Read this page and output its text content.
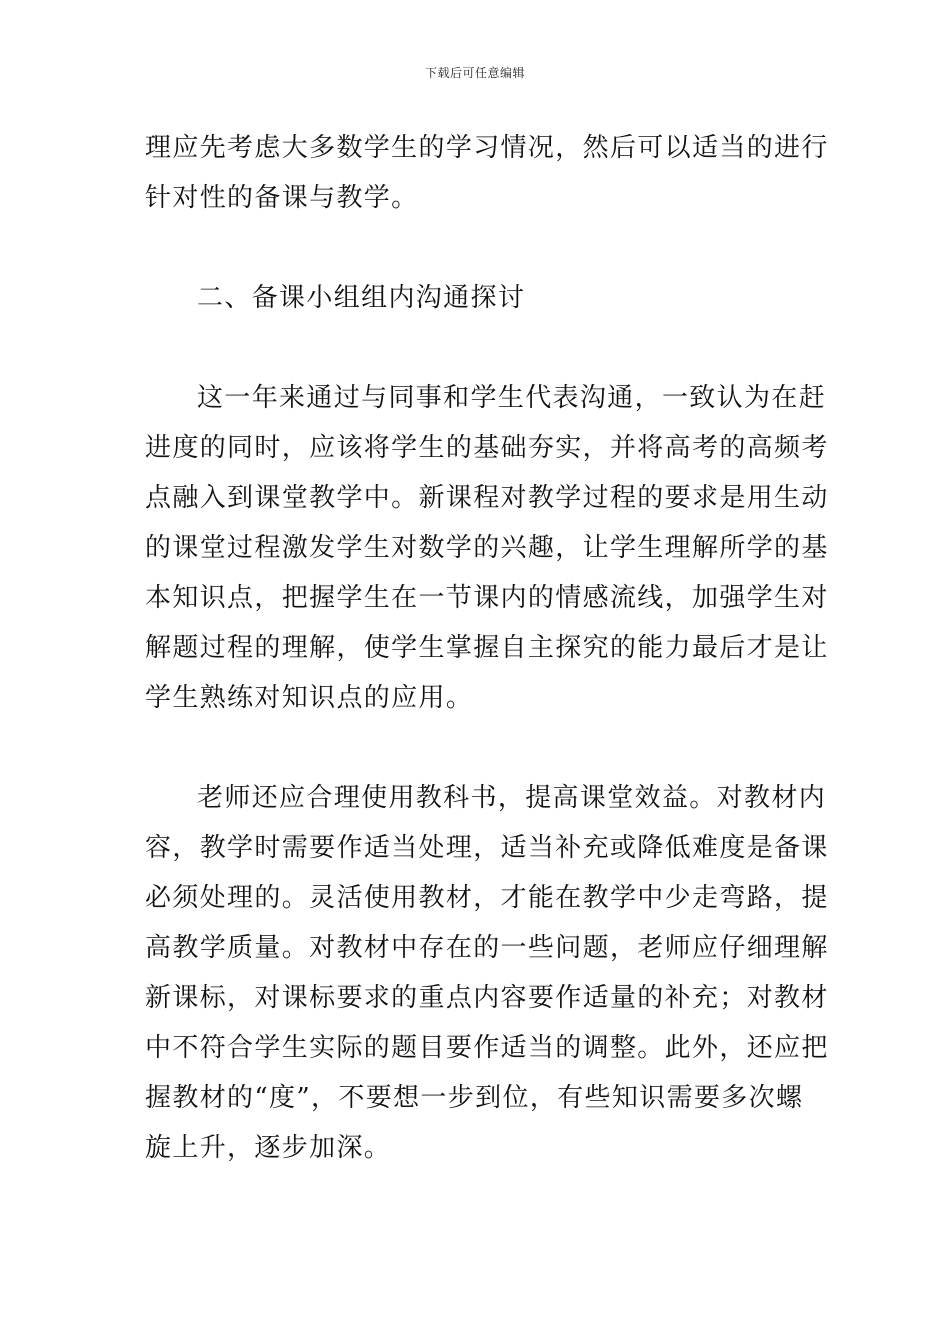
下载后可任意编辑
理应先考虑大多数学生的学习情况，然后可以适当的进行
针对性的备课与教学。
二、备课小组组内沟通探讨
这一年来通过与同事和学生代表沟通，一致认为在赶
进度的同时，应该将学生的基础夯实，并将高考的高频考
点融入到课堂教学中。新课程对教学过程的要求是用生动
的课堂过程激发学生对数学的兴趣，让学生理解所学的基
本知识点，把握学生在一节课内的情感流线，加强学生对
解题过程的理解，使学生掌握自主探究的能力最后才是让
学生熟练对知识点的应用。
老师还应合理使用教科书，提高课堂效益。对教材内
容，教学时需要作适当处理，适当补充或降低难度是备课
必须处理的。灵活使用教材，才能在教学中少走弯路，提
高教学质量。对教材中存在的一些问题，老师应仔细理解
新课标，对课标要求的重点内容要作适量的补充；对教材
中不符合学生实际的题目要作适当的调整。此外，还应把
握教材的“度”，不要想一步到位，有些知识需要多次螺
旋上升，逐步加深。
